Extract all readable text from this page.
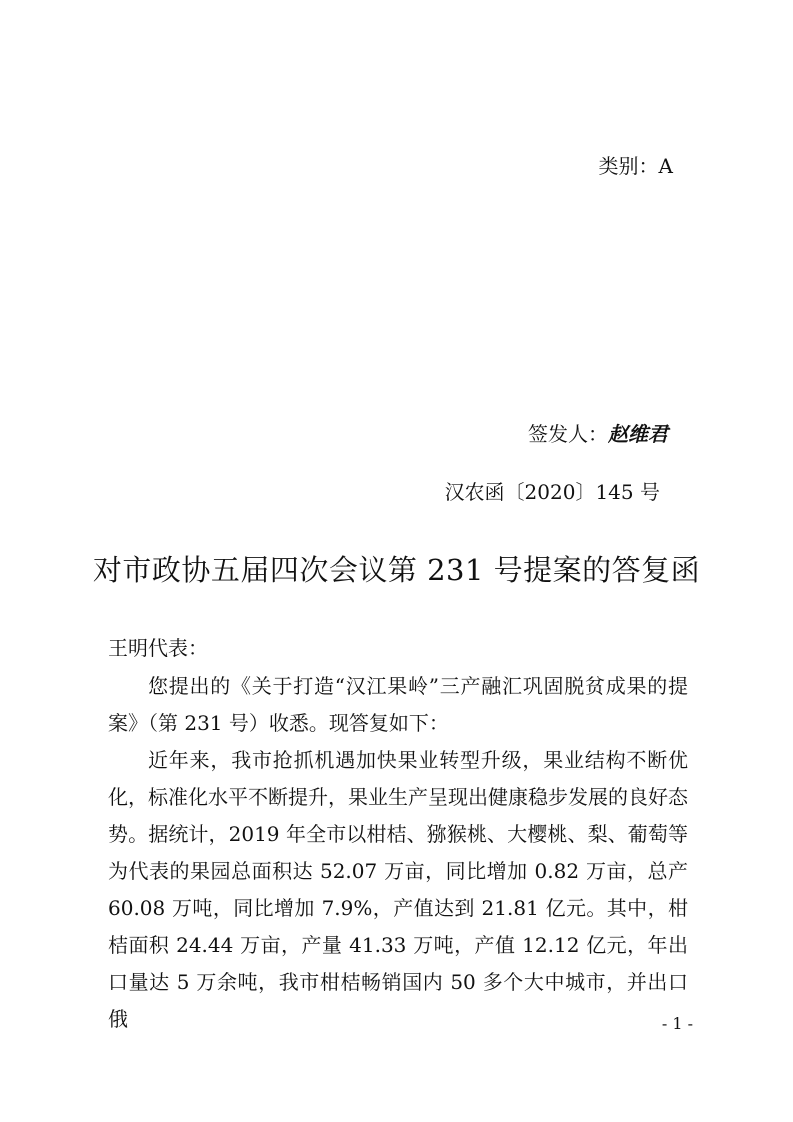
类别：A
签发人：赵维君
汉农函〔2020〕145 号
对市政协五届四次会议第 231 号提案的答复函
王明代表：

您提出的《关于打造“汉江果岭”三产融汇巩固脱贫成果的提案》（第 231 号）收悉。现答复如下：

近年来，我市抢抓机遇加快果业转型升级，果业结构不断优化，标准化水平不断提升，果业生产呈现出健康稳步发展的良好态势。据统计，2019 年全市以柑桔、猕猴桃、大樱桃、梨、葡萄等为代表的果园总面积达 52.07 万亩，同比增加 0.82 万亩，总产 60.08 万吨，同比增加 7.9%，产值达到 21.81 亿元。其中，柑桔面积 24.44 万亩，产量 41.33 万吨，产值 12.12 亿元，年出口量达 5 万余吨，我市柑桔畅销国内 50 多个大中城市，并出口俄	- 1 -
